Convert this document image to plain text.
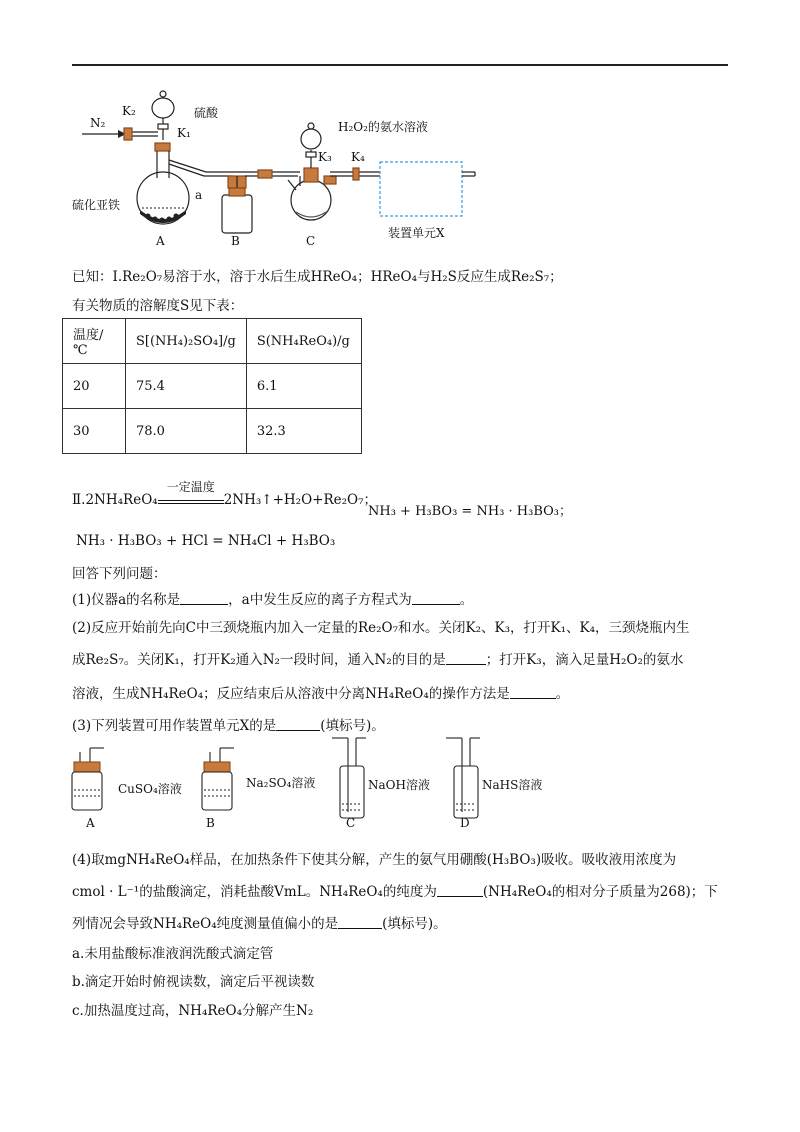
N₂
K₂	硫酸
K₁
a
硫化亚铁
A	B	C
H₂O₂的氨水溶液
K₃ K₄
装置单元X
已知：Ⅰ.Re₂O₇易溶于水，溶于水后生成HReO₄；HReO₄与H₂S反应生成Re₂S₇；
有关物质的溶解度S见下表：
温度/℃	S[(NH₄)₂SO₄]/g	S(NH₄ReO₄)/g
20	75.4	6.1
30	78.0	32.3
Ⅱ.2NH₄ReO₄
一定温度
2NH₃↑+H₂O+Re₂O₇；
NH₃ + H₃BO₃ = NH₃ · H₃BO₃；
NH₃ · H₃BO₃ + HCl = NH₄Cl + H₃BO₃
回答下列问题：
(1)仪器a的名称是	，a中发生反应的离子方程式为	。
(2)反应开始前先向C中三颈烧瓶内加入一定量的Re₂O₇和水。关闭K₂、K₃，打开K₁、K₄，三颈烧瓶内生
成Re₂S₇。关闭K₁，打开K₂通入N₂一段时间，通入N₂的目的是	；打开K₃，滴入足量H₂O₂的氨水
溶液，生成NH₄ReO₄；反应结束后从溶液中分离NH₄ReO₄的操作方法是	。
(3)下列装置可用作装置单元X的是	(填标号)。
CuSO₄溶液	Na₂SO₄溶液	NaOH溶液	NaHS溶液
A	B	C	D
(4)取mgNH₄ReO₄样品，在加热条件下使其分解，产生的氨气用硼酸(H₃BO₃)吸收。吸收液用浓度为
cmol · L⁻¹的盐酸滴定，消耗盐酸VmL。NH₄ReO₄的纯度为	(NH₄ReO₄的相对分子质量为268)；下
列情况会导致NH₄ReO₄纯度测量值偏小的是	(填标号)。
a.未用盐酸标准液润洗酸式滴定管
b.滴定开始时俯视读数，滴定后平视读数
c.加热温度过高，NH₄ReO₄分解产生N₂
